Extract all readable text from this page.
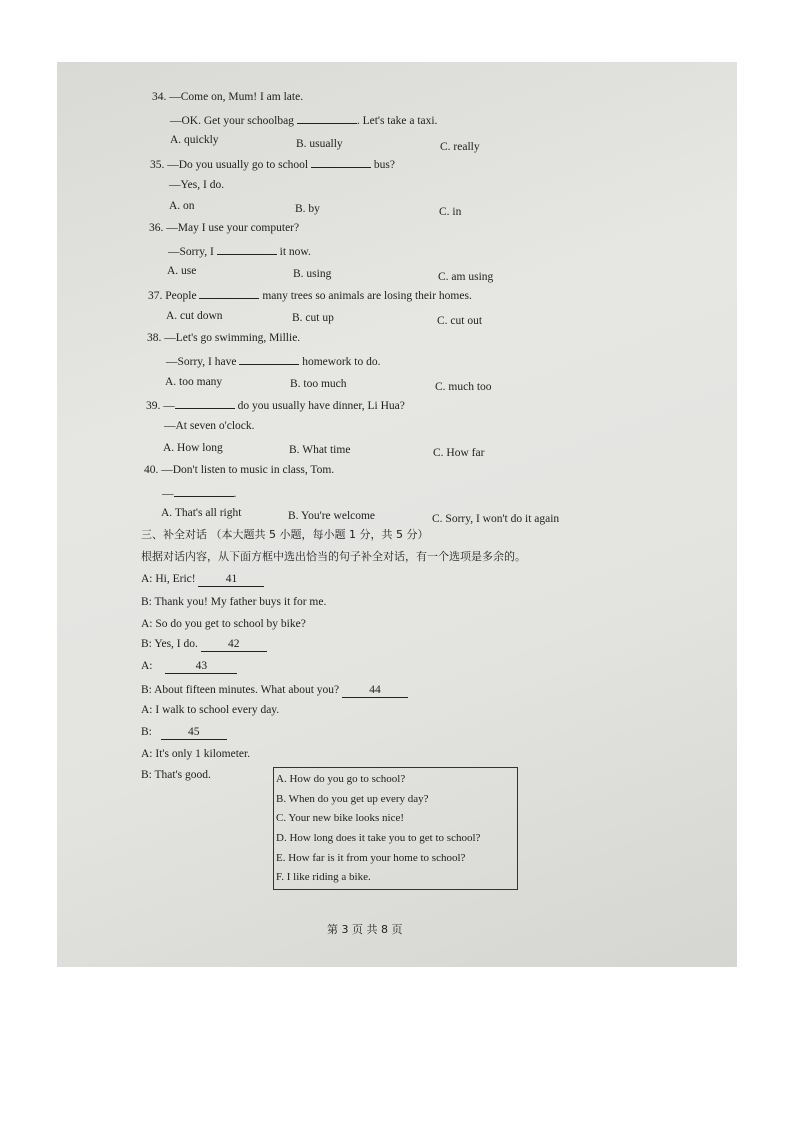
34. —Come on, Mum! I am late.
—OK. Get your schoolbag	. Let's take a taxi.
A. quickly	B. usually	C. really
35. —Do you usually go to school	bus?
—Yes, I do.
A. on	B. by	C. in
36. —May I use your computer?
—Sorry, I	it now.
A. use	B. using	C. am using
37. People	many trees so animals are losing their homes.
A. cut down	B. cut up	C. cut out
38. —Let's go swimming, Millie.
—Sorry, I have	homework to do.
A. too many	B. too much	C. much too
39. —	do you usually have dinner, Li Hua?
—At seven o'clock.
A. How long	B. What time	C. How far
40. —Don't listen to music in class, Tom.
—	.
A. That's all right	B. You're welcome	C. Sorry, I won't do it again
三、补全对话 （本大题共 5 小题，每小题 1 分，共 5 分）
根据对话内容，从下面方框中选出恰当的句子补全对话，有一个选项是多余的。
A: Hi, Eric!	41
B: Thank you! My father buys it for me.
A: So do you get to school by bike?
B: Yes, I do.	42
A:	43
B: About fifteen minutes. What about you?	44
A: I walk to school every day.
B:	45
A: It's only 1 kilometer.
B: That's good.	A. How do you go to school?
B. When do you get up every day?
C. Your new bike looks nice!
D. How long does it take you to get to school?
E. How far is it from your home to school?
F. I like riding a bike.
第 3 页 共 8 页
